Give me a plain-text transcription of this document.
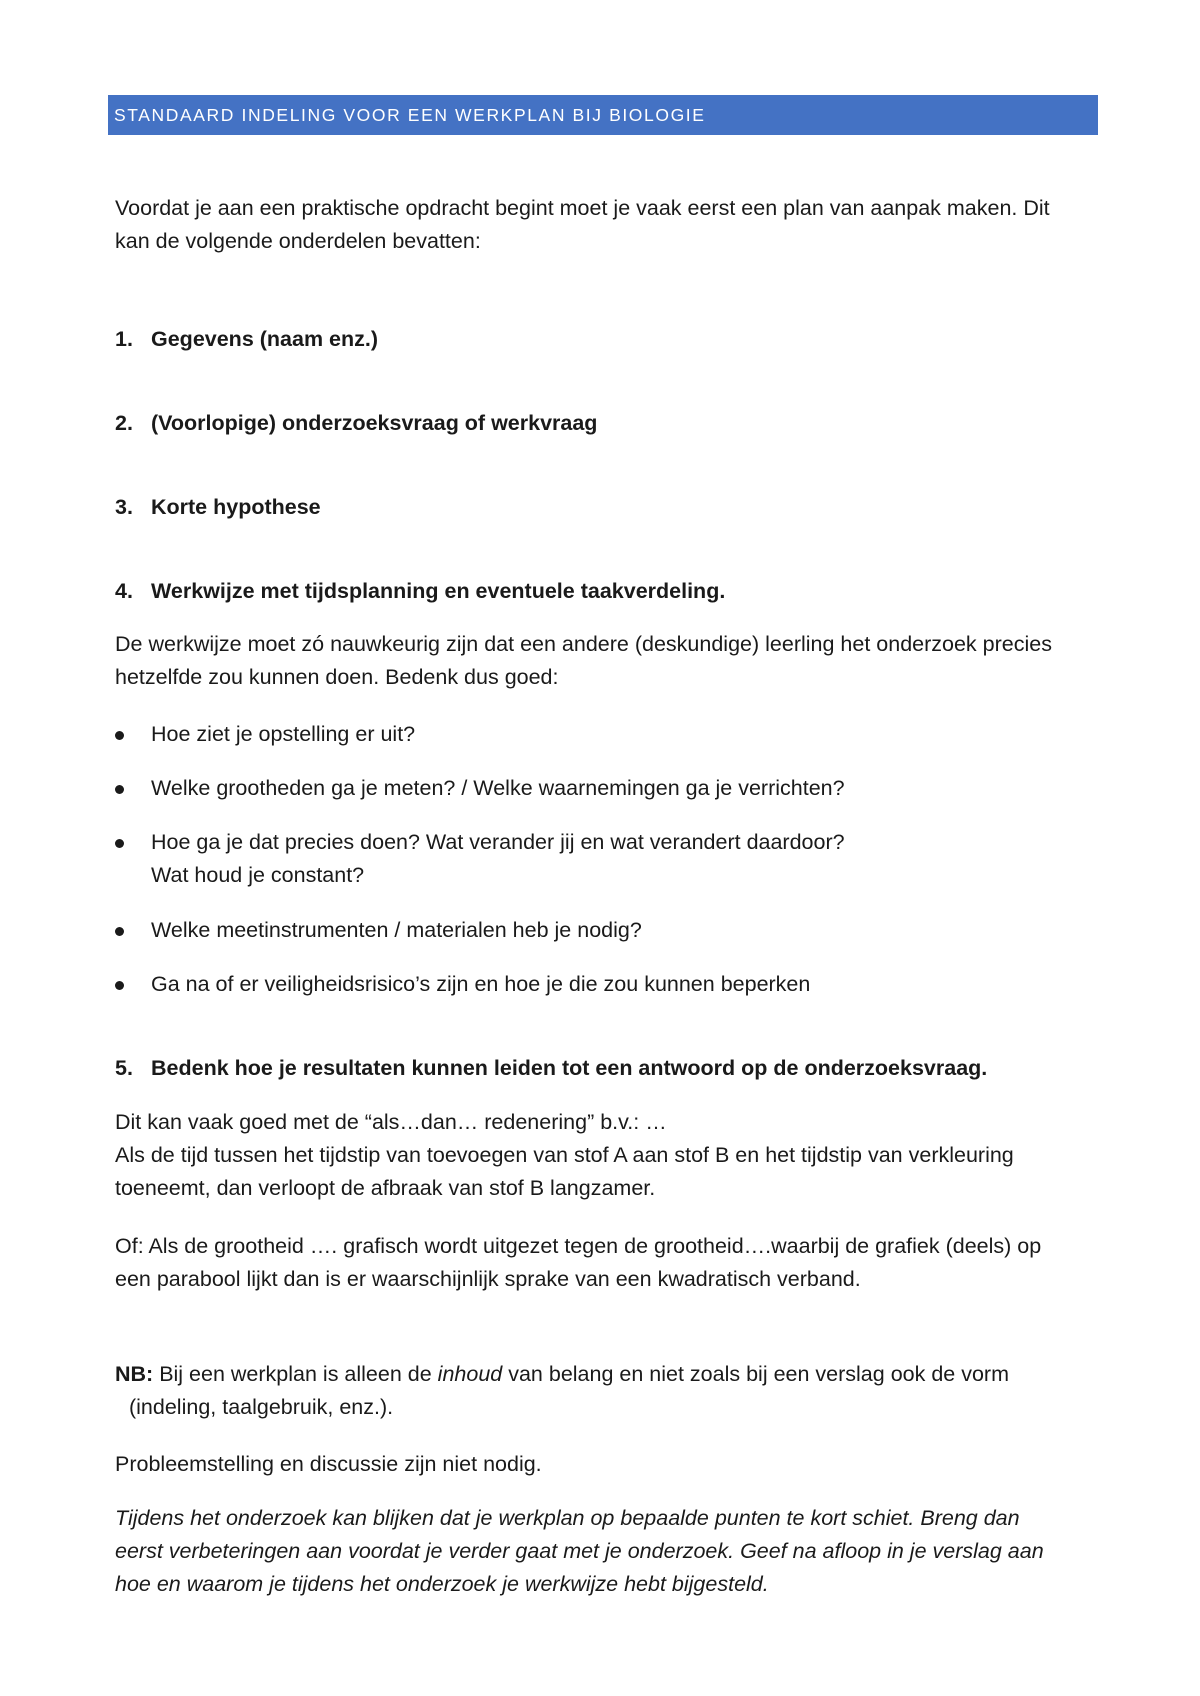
STANDAARD INDELING VOOR EEN WERKPLAN BIJ BIOLOGIE

Voordat je aan een praktische opdracht begint moet je vaak eerst een plan van aanpak maken. Dit
kan de volgende onderdelen bevatten:

1. Gegevens (naam enz.)

2. (Voorlopige) onderzoeksvraag of werkvraag

3. Korte hypothese

4. Werkwijze met tijdsplanning en eventuele taakverdeling.

De werkwijze moet zó nauwkeurig zijn dat een andere (deskundige) leerling het onderzoek precies
hetzelfde zou kunnen doen. Bedenk dus goed:

Hoe ziet je opstelling er uit?
Welke grootheden ga je meten? / Welke waarnemingen ga je verrichten?
Hoe ga je dat precies doen? Wat verander jij en wat verandert daardoor?
Wat houd je constant?
Welke meetinstrumenten / materialen heb je nodig?
Ga na of er veiligheidsrisico’s zijn en hoe je die zou kunnen beperken

5. Bedenk hoe je resultaten kunnen leiden tot een antwoord op de onderzoeksvraag.

Dit kan vaak goed met de “als…dan… redenering” b.v.: …
Als de tijd tussen het tijdstip van toevoegen van stof A aan stof B en het tijdstip van verkleuring
toeneemt, dan verloopt de afbraak van stof B langzamer.

Of: Als de grootheid …. grafisch wordt uitgezet tegen de grootheid….waarbij de grafiek (deels) op
een parabool lijkt dan is er waarschijnlijk sprake van een kwadratisch verband.

NB: Bij een werkplan is alleen de inhoud van belang en niet zoals bij een verslag ook de vorm
(indeling, taalgebruik, enz.).

Probleemstelling en discussie zijn niet nodig.

Tijdens het onderzoek kan blijken dat je werkplan op bepaalde punten te kort schiet. Breng dan
eerst verbeteringen aan voordat je verder gaat met je onderzoek. Geef na afloop in je verslag aan
hoe en waarom je tijdens het onderzoek je werkwijze hebt bijgesteld.
